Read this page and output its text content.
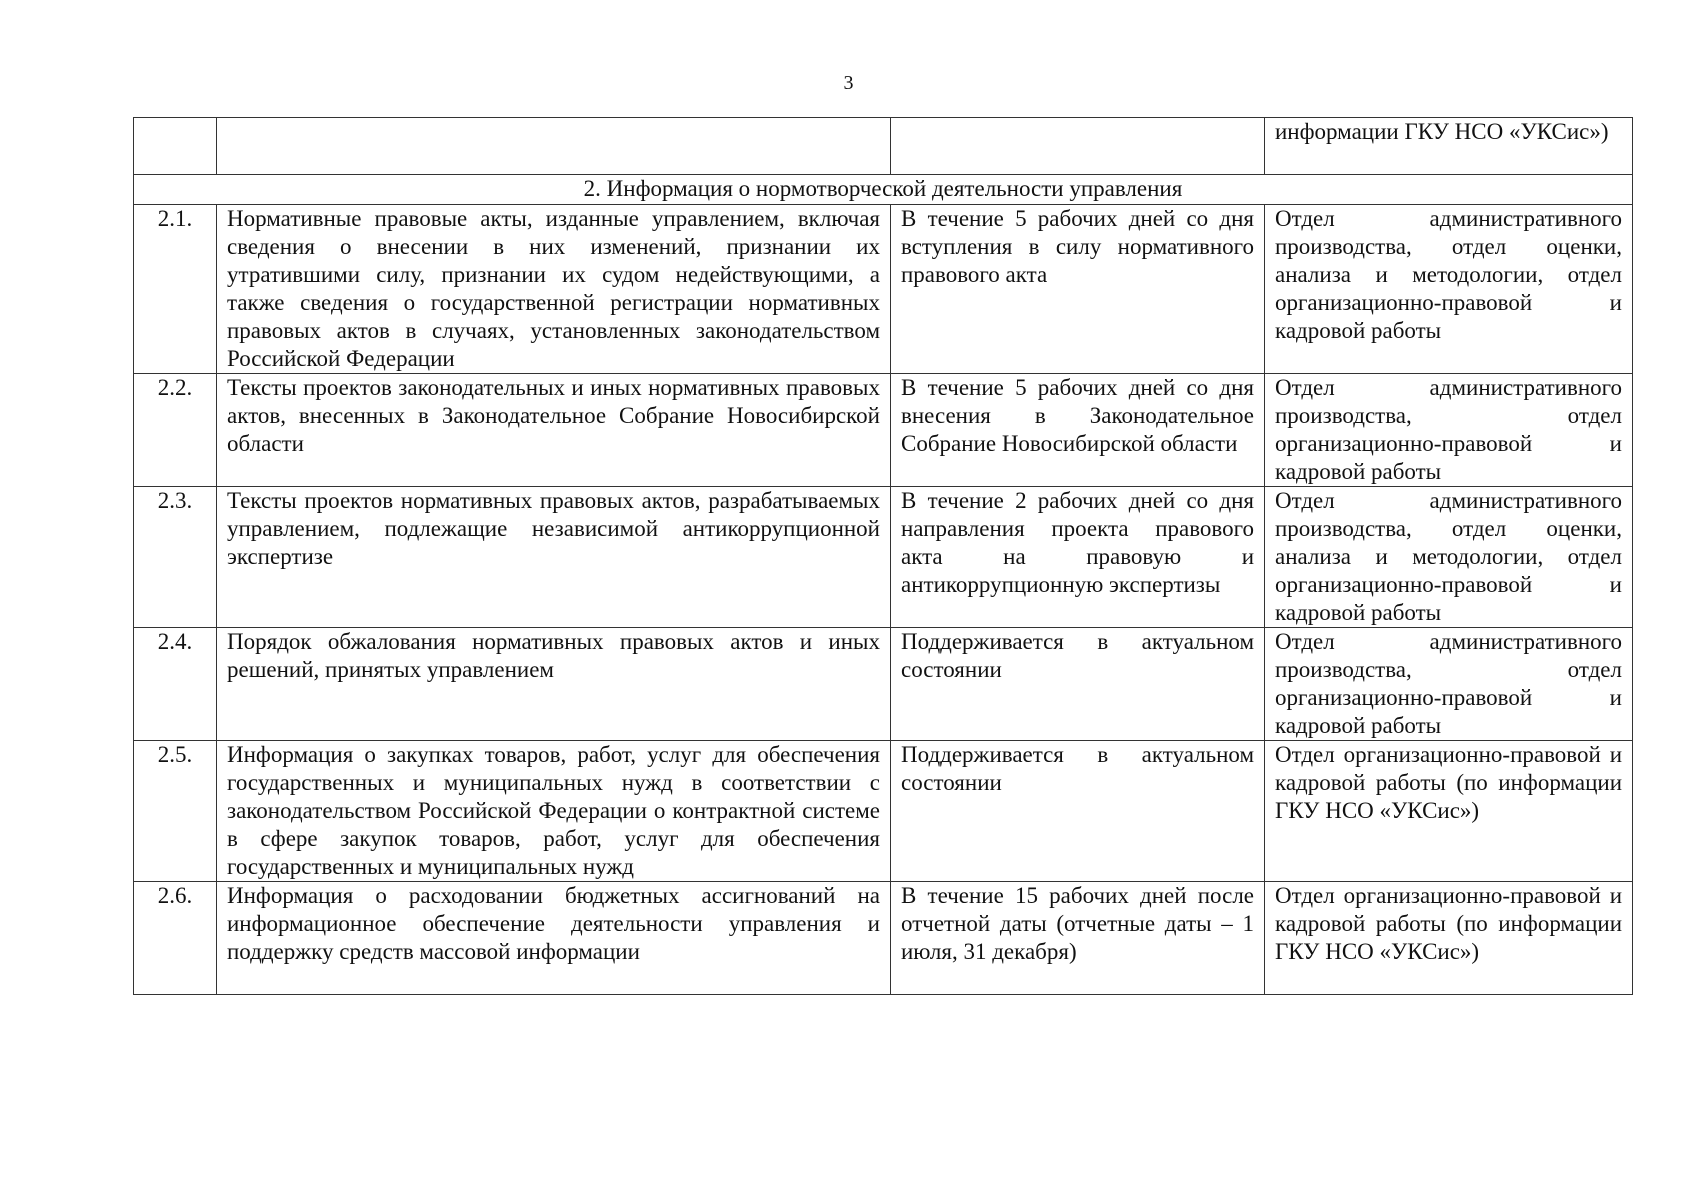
3
			информации ГКУ НСО «УКСис»)
2. Информация о нормотворческой деятельности управления			
2.1.	Нормативные правовые акты, изданные управлением, включая сведения о внесении в них изменений, признании их утратившими силу, признании их судом недействующими, а также сведения о государственной регистрации нормативных правовых актов в случаях, установленных законодательством Российской Федерации	В течение 5 рабочих дней со дня вступления в силу нормативного правового акта	Отдел административного производства, отдел оценки, анализа и методологии, отдел организационно-правовой и кадровой работы
2.2.	Тексты проектов законодательных и иных нормативных правовых актов, внесенных в Законодательное Собрание Новосибирской области	В течение 5 рабочих дней со дня внесения в Законодательное Собрание Новосибирской области	Отдел административного производства, отдел организационно-правовой и кадровой работы
2.3.	Тексты проектов нормативных правовых актов, разрабатываемых управлением, подлежащие независимой антикоррупционной экспертизе	В течение 2 рабочих дней со дня направления проекта правового акта на правовую и антикоррупционную экспертизы	Отдел административного производства, отдел оценки, анализа и методологии, отдел организационно-правовой и кадровой работы
2.4.	Порядок обжалования нормативных правовых актов и иных решений, принятых управлением	Поддерживается в актуальном состоянии	Отдел административного производства, отдел организационно-правовой и кадровой работы
2.5.	Информация о закупках товаров, работ, услуг для обеспечения государственных и муниципальных нужд в соответствии с законодательством Российской Федерации о контрактной системе в сфере закупок товаров, работ, услуг для обеспечения государственных и муниципальных нужд	Поддерживается в актуальном состоянии	Отдел организационно-правовой и кадровой работы (по информации ГКУ НСО «УКСис»)
2.6.	Информация о расходовании бюджетных ассигнований на информационное обеспечение деятельности управления и поддержку средств массовой информации	В течение 15 рабочих дней после отчетной даты (отчетные даты – 1 июля, 31 декабря)	Отдел организационно-правовой и кадровой работы (по информации ГКУ НСО «УКСис»)
